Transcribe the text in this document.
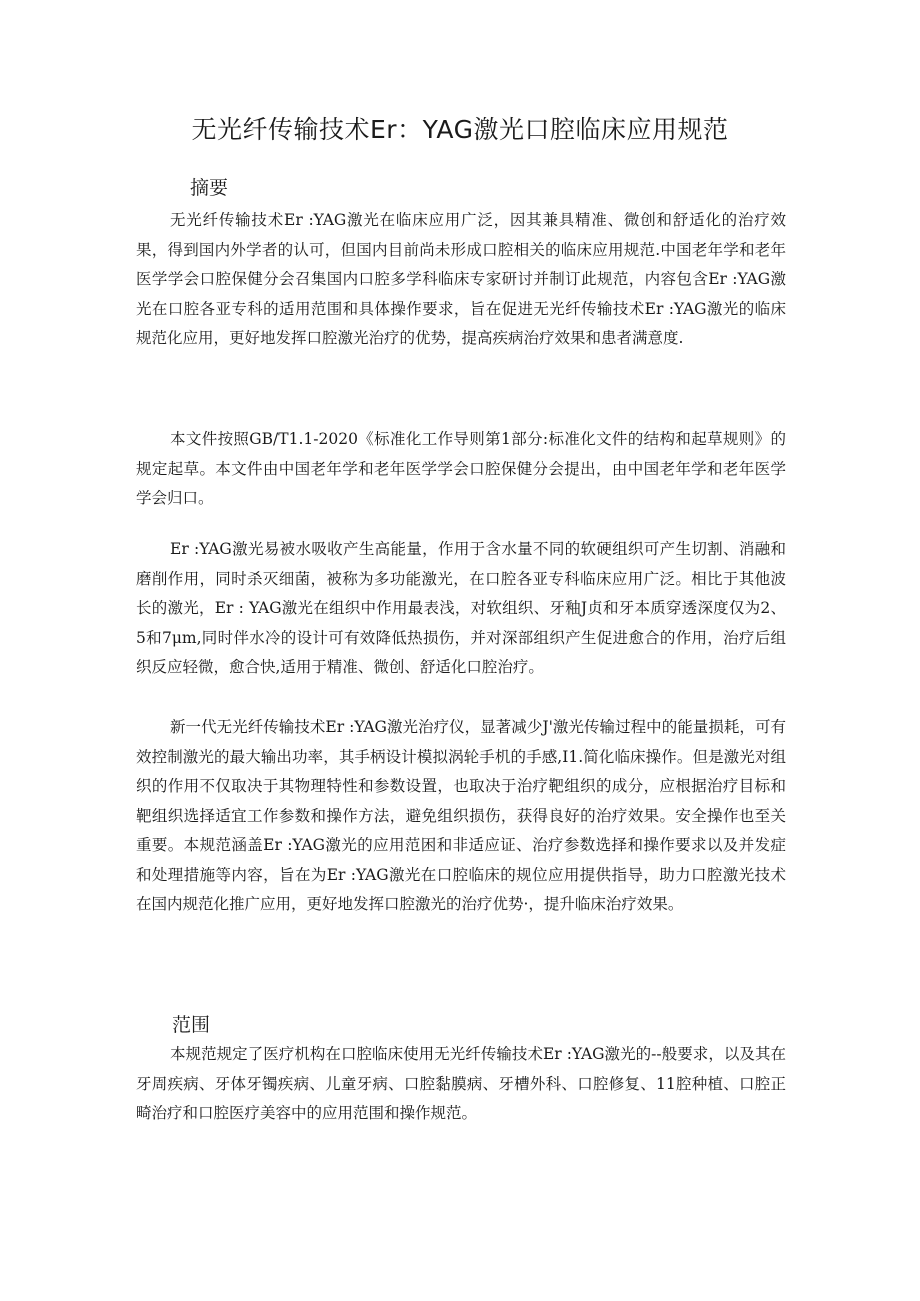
无光纤传输技术Er：YAG激光口腔临床应用规范
摘要

无光纤传输技术Er :YAG激光在临床应用广泛，因其兼具精准、微创和舒适化的治疗效果，得到国内外学者的认可，但国内目前尚未形成口腔相关的临床应用规范.中国老年学和老年医学学会口腔保健分会召集国内口腔多学科临床专家研讨并制订此规范，内容包含Er :YAG激光在口腔各亚专科的适用范围和具体操作要求，旨在促进无光纤传输技术Er :YAG激光的临床规范化应用，更好地发挥口腔激光治疗的优势，提高疾病治疗效果和患者满意度.

本文件按照GB/T1.1-2020《标准化工作导则第1部分:标准化文件的结构和起草规则》的规定起草。本文件由中国老年学和老年医学学会口腔保健分会提出，由中国老年学和老年医学学会归口。

Er :YAG激光易被水吸收产生高能量，作用于含水量不同的软硬组织可产生切割、消融和磨削作用，同时杀灭细菌，被称为多功能激光，在口腔各亚专科临床应用广泛。相比于其他波长的激光，Er : YAG激光在组织中作用最表浅，对软组织、牙釉J贞和牙本质穿透深度仅为2、5和7μm,同时伴水冷的设计可有效降低热损伤，并对深部组织产生促进愈合的作用，治疗后组织反应轻微，愈合快,适用于精准、微创、舒适化口腔治疗。

新一代无光纤传输技术Er :YAG激光治疗仪，显著减少J'激光传输过程中的能量损耗，可有效控制激光的最大输出功率，其手柄设计模拟涡轮手机的手感,I1.简化临床操作。但是激光对组织的作用不仅取决于其物理特性和参数设置，也取决于治疗靶组织的成分，应根据治疗目标和靶组织选择适宜工作参数和操作方法，避免组织损伤，获得良好的治疗效果。安全操作也至关重要。本规范涵盖Er :YAG激光的应用范困和非适应证、治疗参数选择和操作要求以及并发症和处理措施等内容，旨在为Er :YAG激光在口腔临床的规位应用提供指导，助力口腔激光技术在国内规范化推广应用，更好地发挥口腔激光的治疗优势·，提升临床治疗效果。

范围

本规范规定了医疗机构在口腔临床使用无光纤传输技术Er :YAG激光的--般要求，以及其在牙周疾病、牙体牙镯疾病、儿童牙病、口腔黏膜病、牙槽外科、口腔修复、11腔种植、口腔正畸治疗和口腔医疗美容中的应用范围和操作规范。
